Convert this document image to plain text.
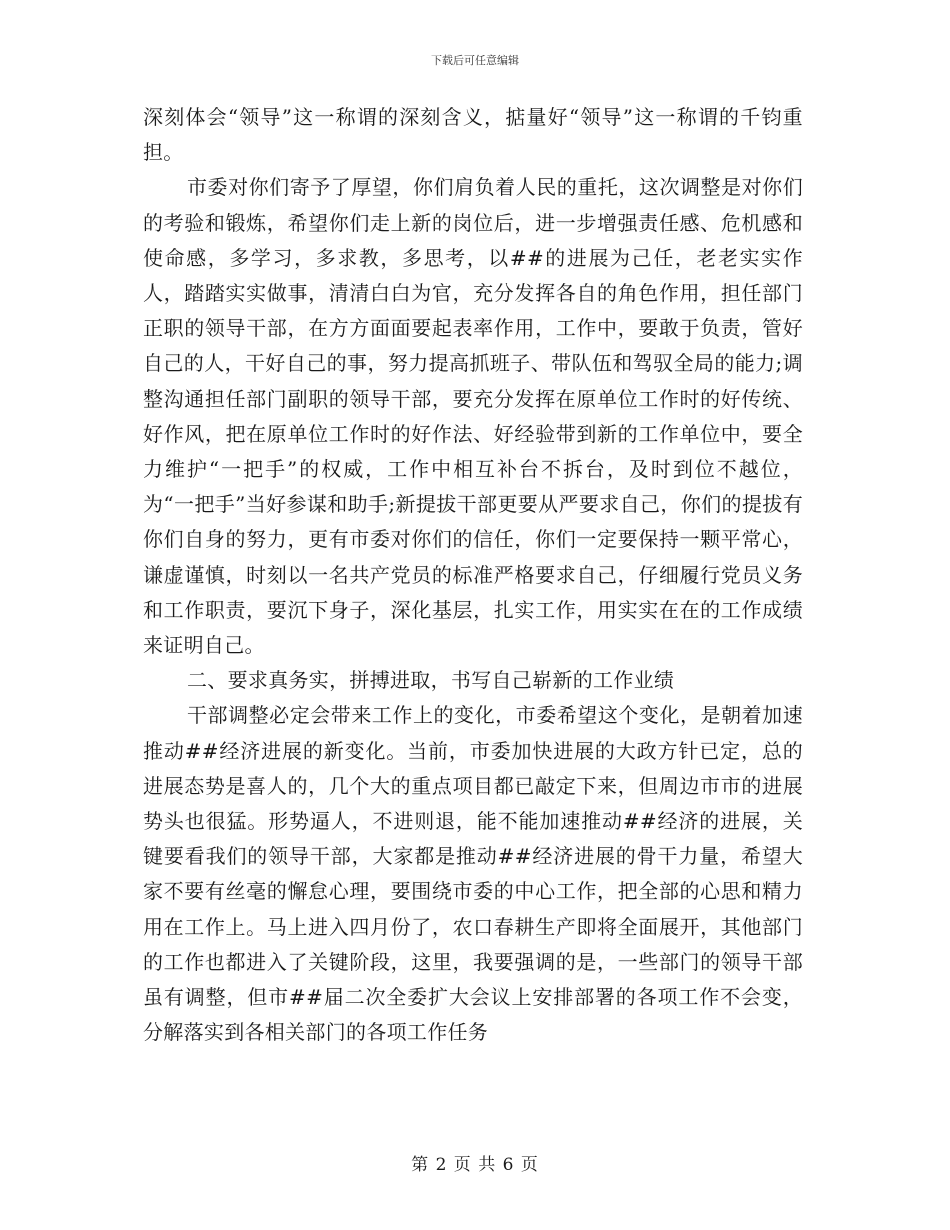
下载后可任意编辑

深刻体会“领导”这一称谓的深刻含义，掂量好“领导”这一称谓的千钧重担。

市委对你们寄予了厚望，你们肩负着人民的重托，这次调整是对你们的考验和锻炼，希望你们走上新的岗位后，进一步增强责任感、危机感和使命感，多学习，多求教，多思考，以##的进展为己任，老老实实作人，踏踏实实做事，清清白白为官，充分发挥各自的角色作用，担任部门正职的领导干部，在方方面面要起表率作用，工作中，要敢于负责，管好自己的人，干好自己的事，努力提高抓班子、带队伍和驾驭全局的能力;调整沟通担任部门副职的领导干部，要充分发挥在原单位工作时的好传统、好作风，把在原单位工作时的好作法、好经验带到新的工作单位中，要全力维护“一把手”的权威，工作中相互补台不拆台，及时到位不越位，为“一把手”当好参谋和助手;新提拔干部更要从严要求自己，你们的提拔有你们自身的努力，更有市委对你们的信任，你们一定要保持一颗平常心，谦虚谨慎，时刻以一名共产党员的标准严格要求自己，仔细履行党员义务和工作职责，要沉下身子，深化基层，扎实工作，用实实在在的工作成绩来证明自己。

二、要求真务实，拼搏进取，书写自己崭新的工作业绩

干部调整必定会带来工作上的变化，市委希望这个变化，是朝着加速推动##经济进展的新变化。当前，市委加快进展的大政方针已定，总的进展态势是喜人的，几个大的重点项目都已敲定下来，但周边市市的进展势头也很猛。形势逼人，不进则退，能不能加速推动##经济的进展，关键要看我们的领导干部，大家都是推动##经济进展的骨干力量，希望大家不要有丝毫的懈怠心理，要围绕市委的中心工作，把全部的心思和精力用在工作上。马上进入四月份了，农口春耕生产即将全面展开，其他部门的工作也都进入了关键阶段，这里，我要强调的是，一些部门的领导干部虽有调整，但市##届二次全委扩大会议上安排部署的各项工作不会变，分解落实到各相关部门的各项工作任务

第 2 页 共 6 页
